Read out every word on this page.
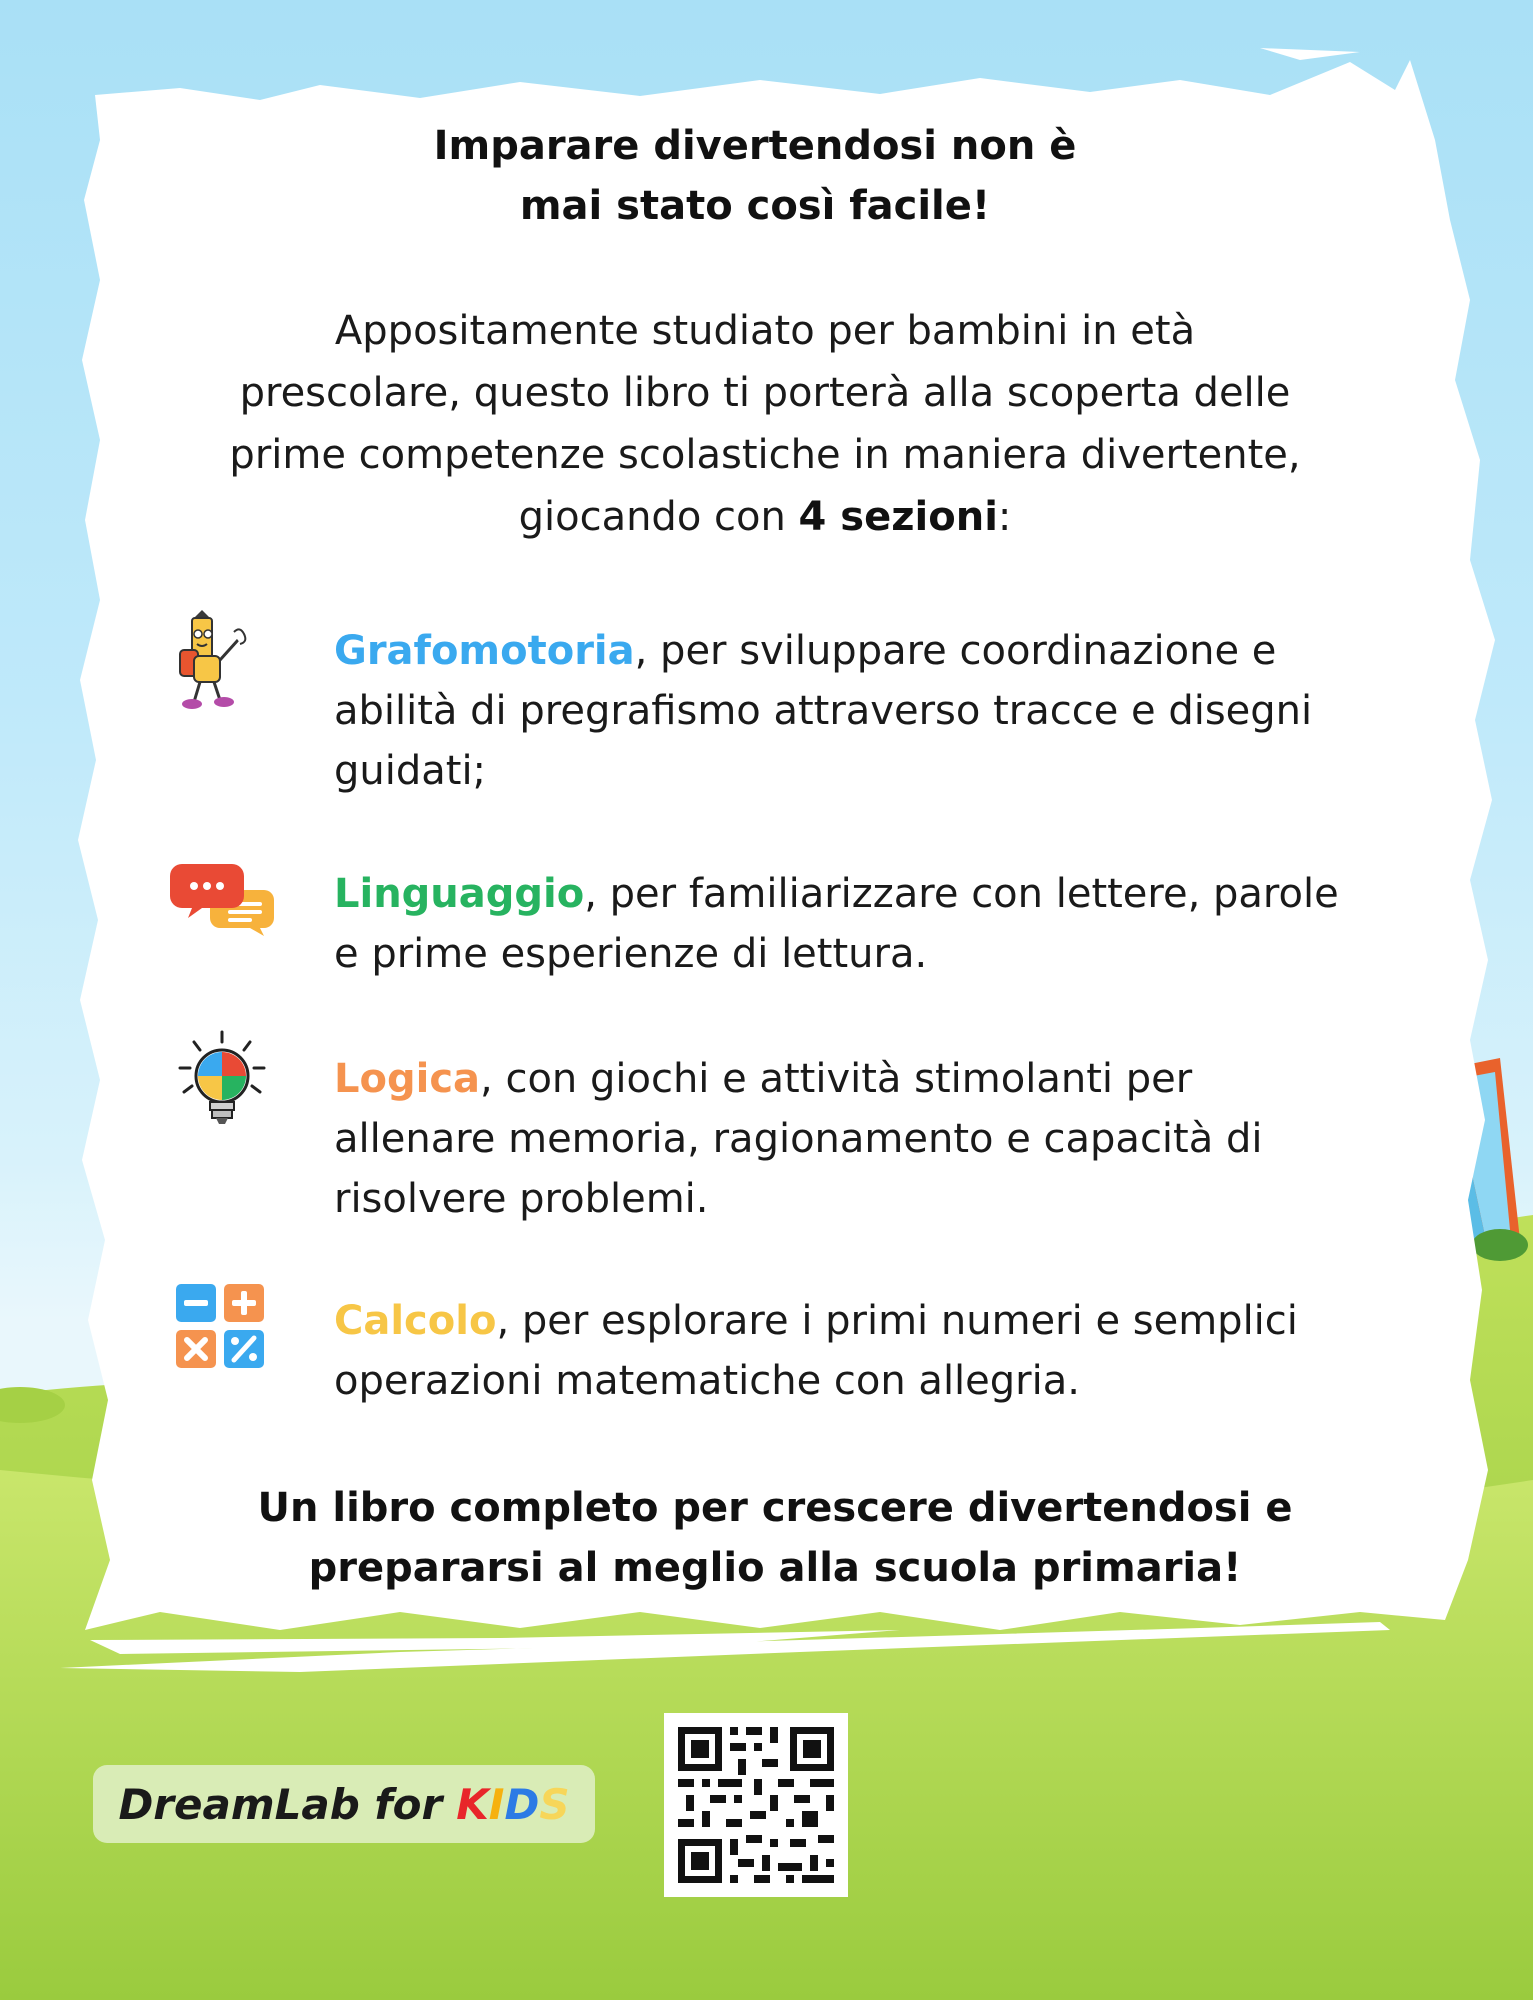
Imparare divertendosi non è

mai stato così facile!

Appositamente studiato per bambini in età
prescolare, questo libro ti porterà alla scoperta delle
prime competenze scolastiche in maniera divertente,
giocando con 4 sezioni:

Grafomotoria, per sviluppare coordinazione e
abilità di pregrafismo attraverso tracce e disegni
guidati;

Linguaggio, per familiarizzare con lettere, parole
e prime esperienze di lettura.

Logica, con giochi e attività stimolanti per
allenare memoria, ragionamento e capacità di
risolvere problemi.

Calcolo, per esplorare i primi numeri e semplici
operazioni matematiche con allegria.

Un libro completo per crescere divertendosi e
prepararsi al meglio alla scuola primaria!
DreamLab for K I D S
